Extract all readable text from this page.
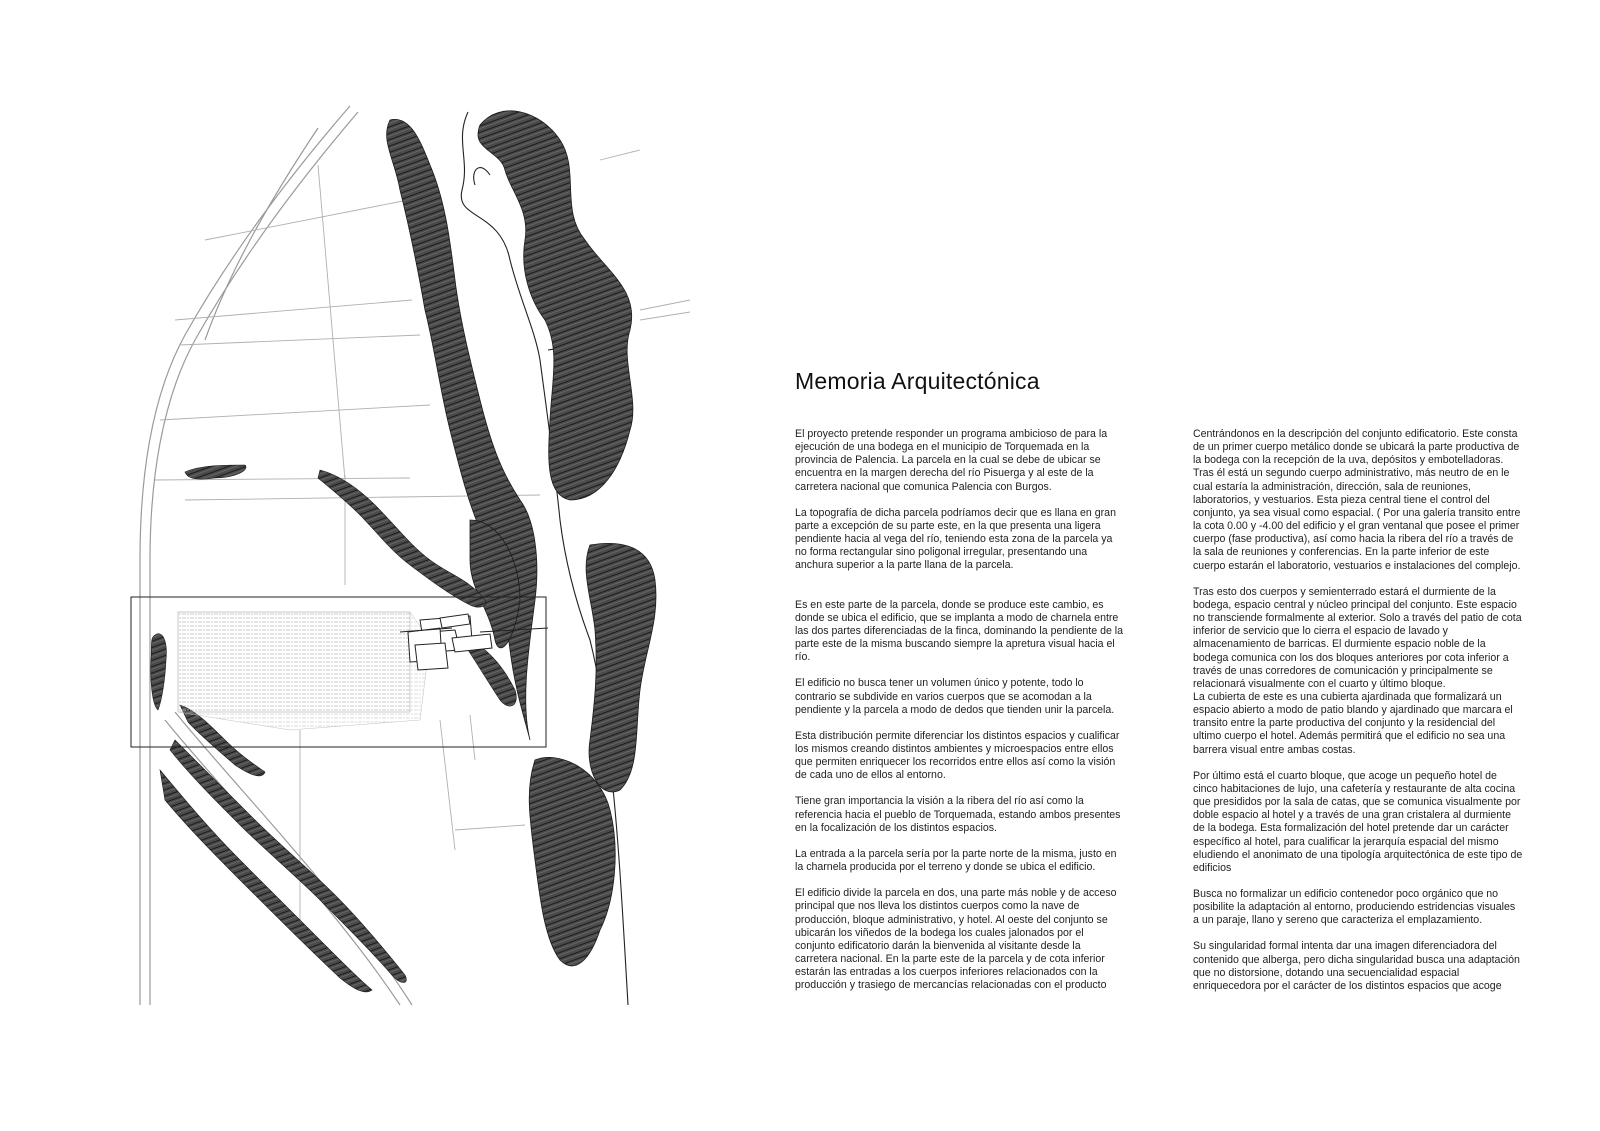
Memoria Arquitectónica

El proyecto pretende responder un programa ambicioso de para la ejecución de una bodega en el municipio de Torquemada en la provincia de Palencia. La parcela en la cual se debe de ubicar se encuentra en la margen derecha del río Pisuerga y al este de la carretera nacional que comunica Palencia con Burgos.

La topografía de dicha parcela podríamos decir que es llana en gran parte a excepción de su parte este, en la que presenta una ligera pendiente hacia al vega del río, teniendo esta zona de la parcela ya no forma rectangular sino poligonal irregular, presentando una anchura superior a la parte llana de la parcela.

Es en este parte de la parcela, donde se produce este cambio, es donde se ubica el edificio, que se implanta a modo de charnela entre las dos partes diferenciadas de la finca, dominando la pendiente de la parte este de la misma buscando siempre la apretura visual hacia el río.

El edificio no busca tener un volumen único y potente, todo lo contrario se subdivide en varios cuerpos que se acomodan a la pendiente y la parcela a modo de dedos que tienden unir la parcela.

Esta distribución permite diferenciar los distintos espacios y cualificar los mismos creando distintos ambientes y microespacios entre ellos que permiten enriquecer los recorridos entre ellos así como la visión de cada uno de ellos al entorno.

Tiene gran importancia la visión a la ribera del río así como la referencia hacia el pueblo de Torquemada, estando ambos presentes en la focalización de los distintos espacios.

La entrada a la parcela sería por la parte norte de la misma, justo en la charnela producida por el terreno y donde se ubica el edificio.

El edificio divide la parcela en dos, una parte más noble y de acceso principal que nos lleva los distintos cuerpos como la nave de producción, bloque administrativo, y hotel. Al oeste del conjunto se ubicarán los viñedos de la bodega los cuales jalonados por el conjunto edificatorio darán la bienvenida al visitante desde la carretera nacional. En la parte este de la parcela y de cota inferior estarán las entradas a los cuerpos inferiores relacionados con la producción y trasiego de mercancías relacionadas con el producto

Centrándonos en la descripción del conjunto edificatorio. Este consta de un primer cuerpo metálico donde se ubicará la parte productiva de la bodega con la recepción de la uva, depósitos y embotelladoras. Tras él está un segundo cuerpo administrativo, más neutro de en le cual estaría la administración, dirección, sala de reuniones, laboratorios, y vestuarios. Esta pieza central tiene el control del conjunto, ya sea visual como espacial. ( Por una galería transito entre la cota 0.00 y -4.00 del edificio y el gran ventanal que posee el primer cuerpo (fase productiva), así como hacia la ribera del río a través de la sala de reuniones y conferencias. En la parte inferior de este cuerpo estarán el laboratorio, vestuarios e instalaciones del complejo.

Tras esto dos cuerpos y semienterrado estará el durmiente de la bodega, espacio central y núcleo principal del conjunto. Este espacio no transciende formalmente al exterior. Solo a través del patio de cota inferior de servicio que lo cierra el espacio de lavado y almacenamiento de barricas. El durmiente espacio noble de la bodega comunica con los dos bloques anteriores por cota inferior a través de unas corredores de comunicación y principalmente se relacionará visualmente con el cuarto y último bloque.

La cubierta de este es una cubierta ajardinada que formalizará un espacio abierto a modo de patio blando y ajardinado que marcara el transito entre la parte productiva del conjunto y la residencial del ultimo cuerpo el hotel. Además permitirá que el edificio no sea una barrera visual entre ambas costas.

Por último está el cuarto bloque, que acoge un pequeño hotel de cinco habitaciones de lujo, una cafetería y restaurante de alta cocina que presididos por la sala de catas, que se comunica visualmente por doble espacio al hotel y a través de una gran cristalera al durmiente de la bodega. Esta formalización del hotel pretende dar un carácter específico al hotel, para cualificar la jerarquía espacial del mismo eludiendo el anonimato de una tipología arquitectónica de este tipo de edificios

Busca no formalizar un edificio contenedor poco orgánico que no posibilite la adaptación al entorno, produciendo estridencias visuales a un paraje, llano y sereno que caracteriza el emplazamiento.

Su singularidad formal intenta dar una imagen diferenciadora del contenido que alberga, pero dicha singularidad busca una adaptación que no distorsione, dotando una secuencialidad espacial enriquecedora por el carácter de los distintos espacios que acoge
